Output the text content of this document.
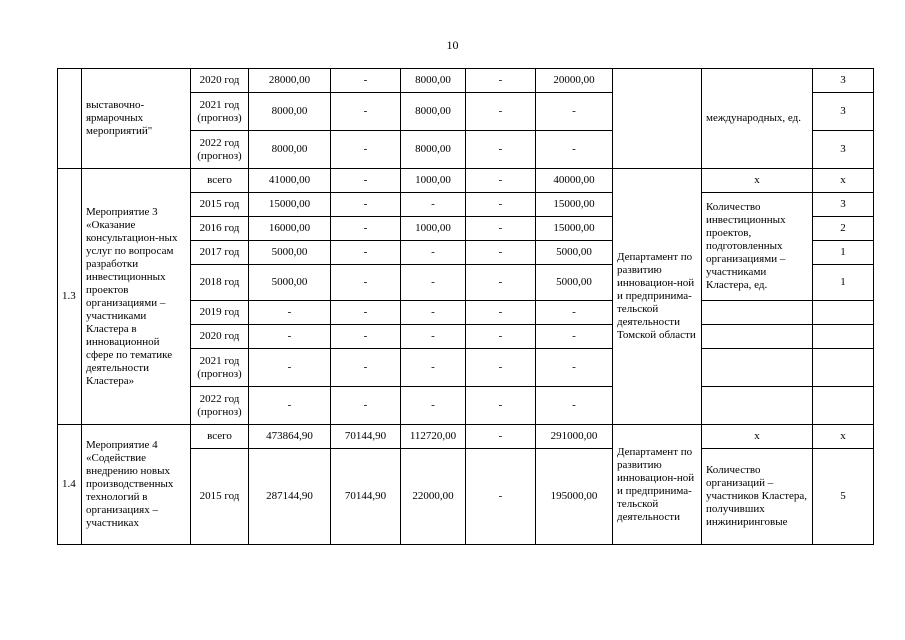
10
	выставочно-ярмарочных мероприятий"	2020 год	28000,00	-	8000,00	-	20000,00		международных, ед.	3
		2021 год (прогноз)	8000,00	-	8000,00	-	-			3
		2022 год (прогноз)	8000,00	-	8000,00	-	-			3
1.3	Мероприятие 3 «Оказание консультацион-ных услуг по вопросам разработки инвестиционных проектов организациями – участниками Кластера в инновационной сфере по тематике деятельности Кластера»	всего	41000,00	-	1000,00	-	40000,00	Департамент по развитию инновацион-ной и предпринима-тельской деятельности Томской области	х	х
		2015 год	15000,00	-	-	-	15000,00		Количество инвестиционных проектов, подготовленных организациями – участниками Кластера, ед.	3
		2016 год	16000,00	-	1000,00	-	15000,00			2
		2017 год	5000,00	-	-	-	5000,00			1
		2018 год	5000,00	-	-	-	5000,00			1
		2019 год	-	-	-	-	-			
		2020 год	-	-	-	-	-			
		2021 год (прогноз)	-	-	-	-	-			
		2022 год (прогноз)	-	-	-	-	-			
1.4	Мероприятие 4 «Содействие внедрению новых производственных технологий в организациях – участниках	всего	473864,90	70144,90	112720,00	-	291000,00	Департамент по развитию инновацион-ной и предпринима-тельской деятельности	х	х
		2015 год	287144,90	70144,90	22000,00	-	195000,00		Количество организаций – участников Кластера, получивших инжиниринговые	5
